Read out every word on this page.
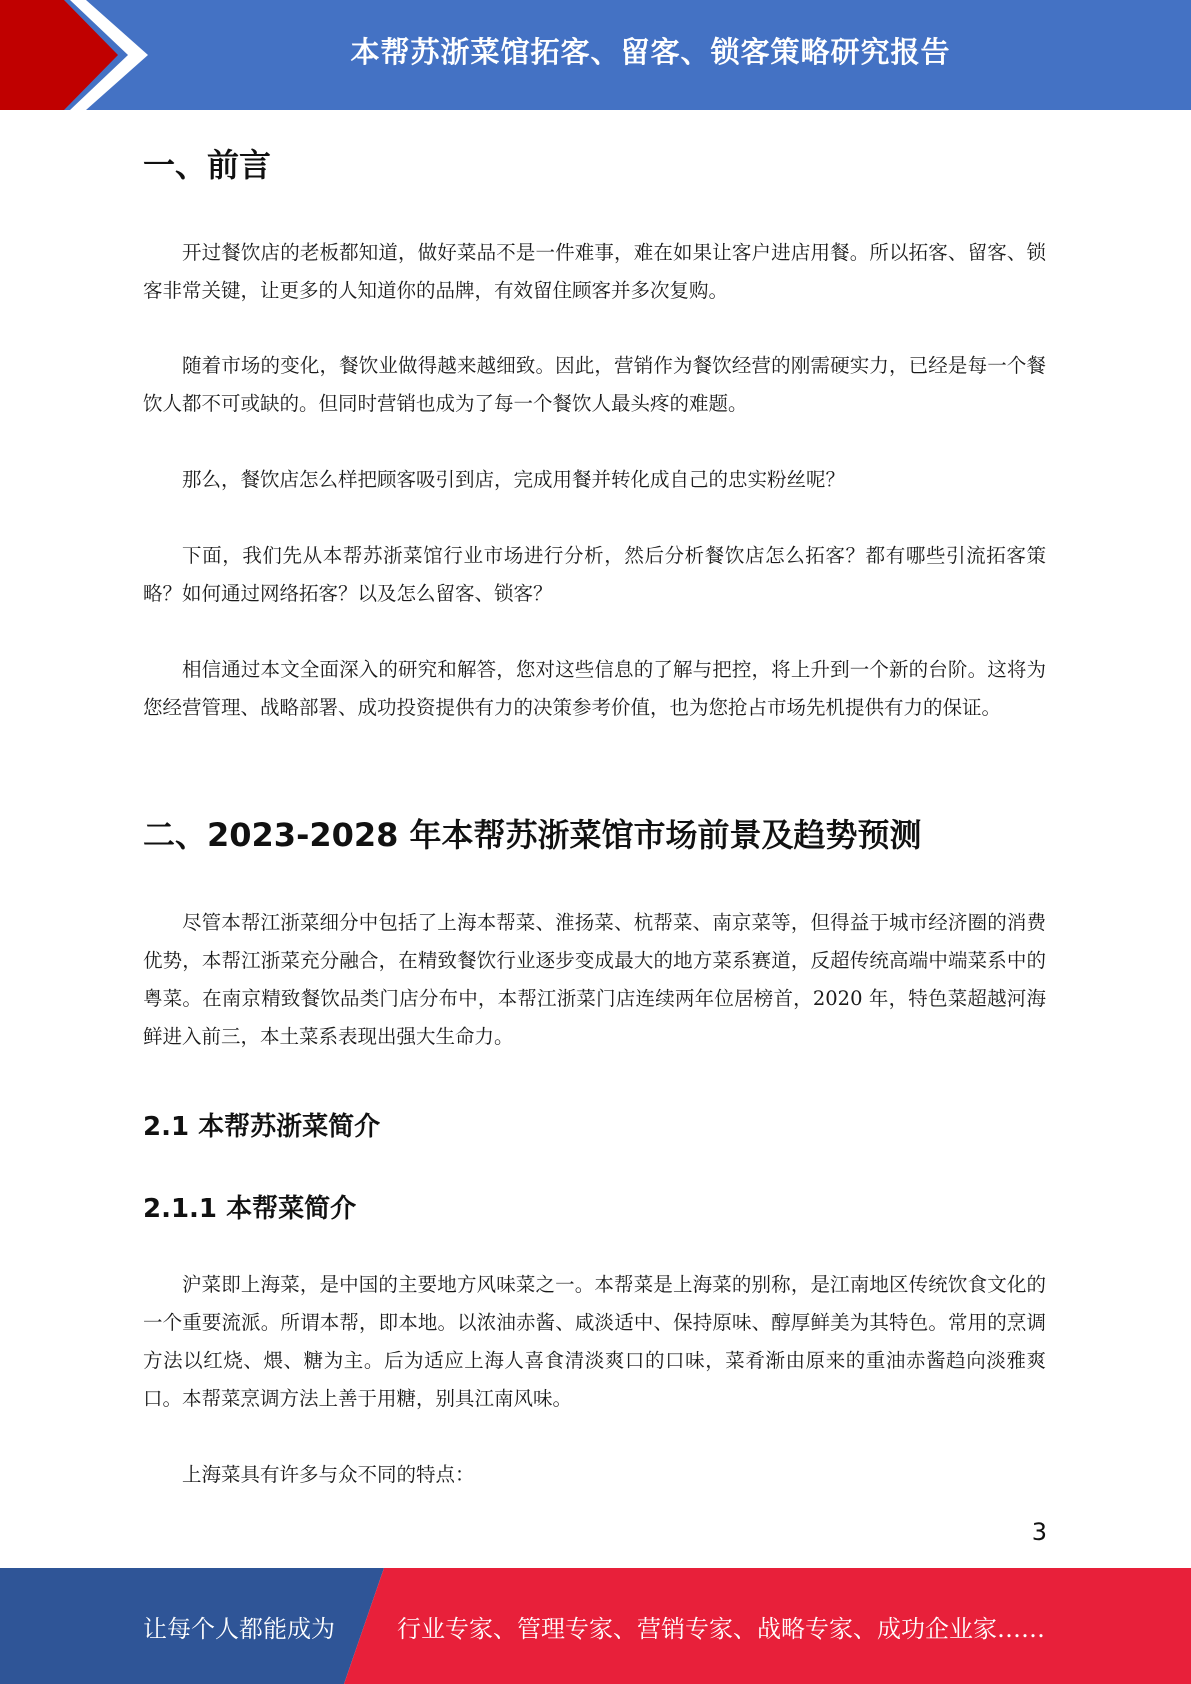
本帮苏浙菜馆拓客、留客、锁客策略研究报告
一、前言

开过餐饮店的老板都知道，做好菜品不是一件难事，难在如果让客户进店用餐。所以拓客、留客、锁客非常关键，让更多的人知道你的品牌，有效留住顾客并多次复购。

随着市场的变化，餐饮业做得越来越细致。因此，营销作为餐饮经营的刚需硬实力，已经是每一个餐饮人都不可或缺的。但同时营销也成为了每一个餐饮人最头疼的难题。

那么，餐饮店怎么样把顾客吸引到店，完成用餐并转化成自己的忠实粉丝呢？

下面，我们先从本帮苏浙菜馆行业市场进行分析，然后分析餐饮店怎么拓客？都有哪些引流拓客策略？如何通过网络拓客？以及怎么留客、锁客？

相信通过本文全面深入的研究和解答，您对这些信息的了解与把控，将上升到一个新的台阶。这将为您经营管理、战略部署、成功投资提供有力的决策参考价值，也为您抢占市场先机提供有力的保证。

二、2023-2028 年本帮苏浙菜馆市场前景及趋势预测

尽管本帮江浙菜细分中包括了上海本帮菜、淮扬菜、杭帮菜、南京菜等，但得益于城市经济圈的消费优势，本帮江浙菜充分融合，在精致餐饮行业逐步变成最大的地方菜系赛道，反超传统高端中端菜系中的粤菜。在南京精致餐饮品类门店分布中，本帮江浙菜门店连续两年位居榜首，2020 年，特色菜超越河海鲜进入前三，本土菜系表现出强大生命力。

2.1 本帮苏浙菜简介
2.1.1 本帮菜简介

沪菜即上海菜，是中国的主要地方风味菜之一。本帮菜是上海菜的别称，是江南地区传统饮食文化的一个重要流派。所谓本帮，即本地。以浓油赤酱、咸淡适中、保持原味、醇厚鲜美为其特色。常用的烹调方法以红烧、煨、糖为主。后为适应上海人喜食清淡爽口的口味，菜肴渐由原来的重油赤酱趋向淡雅爽口。本帮菜烹调方法上善于用糖，别具江南风味。

上海菜具有许多与众不同的特点：

3
让每个人都能成为	行业专家、管理专家、营销专家、战略专家、成功企业家……
